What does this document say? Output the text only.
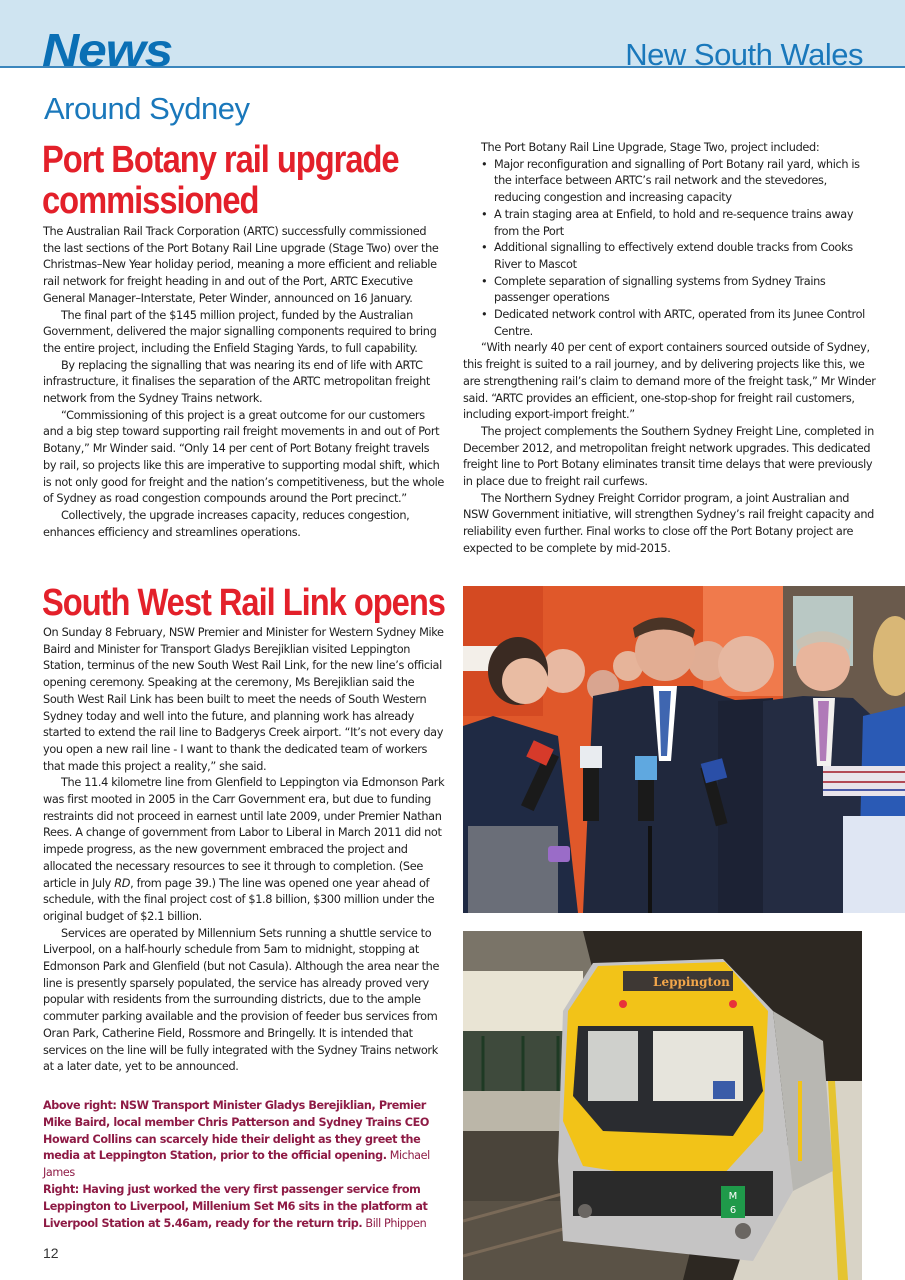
News	New South Wales
Around Sydney
Port Botany rail upgrade
commissioned

The Australian Rail Track Corporation (ARTC) successfully commissioned the last sections of the Port Botany Rail Line upgrade (Stage Two) over the Christmas–New Year holiday period, meaning a more efficient and reliable rail network for freight heading in and out of the Port, ARTC Executive General Manager–Interstate, Peter Winder, announced on 16 January.

The final part of the $145 million project, funded by the Australian Government, delivered the major signalling components required to bring the entire project, including the Enfield Staging Yards, to full capability.

By replacing the signalling that was nearing its end of life with ARTC infrastructure, it finalises the separation of the ARTC metropolitan freight network from the Sydney Trains network.

“Commissioning of this project is a great outcome for our customers and a big step toward supporting rail freight movements in and out of Port Botany,” Mr Winder said. “Only 14 per cent of Port Botany freight travels by rail, so projects like this are imperative to supporting modal shift, which is not only good for freight and the nation’s competitiveness, but the whole of Sydney as road congestion compounds around the Port precinct.”

Collectively, the upgrade increases capacity, reduces congestion, enhances efficiency and streamlines operations.

The Port Botany Rail Line Upgrade, Stage Two, project included:

• Major reconfiguration and signalling of Port Botany rail yard, which is the interface between ARTC’s rail network and the stevedores, reducing congestion and increasing capacity
• A train staging area at Enfield, to hold and re-sequence trains away from the Port
• Additional signalling to effectively extend double tracks from Cooks River to Mascot
• Complete separation of signalling systems from Sydney Trains passenger operations
• Dedicated network control with ARTC, operated from its Junee Control Centre.

“With nearly 40 per cent of export containers sourced outside of Sydney, this freight is suited to a rail journey, and by delivering projects like this, we are strengthening rail’s claim to demand more of the freight task,” Mr Winder said. “ARTC provides an efficient, one-stop-shop for freight rail customers, including export-import freight.”

The project complements the Southern Sydney Freight Line, completed in December 2012, and metropolitan freight network upgrades. This dedicated freight line to Port Botany eliminates transit time delays that were previously in place due to freight rail curfews.

The Northern Sydney Freight Corridor program, a joint Australian and NSW Government initiative, will strengthen Sydney’s rail freight capacity and reliability even further. Final works to close off the Port Botany project are expected to be complete by mid-2015.

South West Rail Link opens

On Sunday 8 February, NSW Premier and Minister for Western Sydney Mike Baird and Minister for Transport Gladys Berejiklian visited Leppington Station, terminus of the new South West Rail Link, for the new line’s official opening ceremony. Speaking at the ceremony, Ms Berejiklian said the South West Rail Link has been built to meet the needs of South Western Sydney today and well into the future, and planning work has already started to extend the rail line to Badgerys Creek airport. “It’s not every day you open a new rail line - I want to thank the dedicated team of workers that made this project a reality,” she said.

The 11.4 kilometre line from Glenfield to Leppington via Edmonson Park was first mooted in 2005 in the Carr Government era, but due to funding restraints did not proceed in earnest until late 2009, under Premier Nathan Rees. A change of government from Labor to Liberal in March 2011 did not impede progress, as the new government embraced the project and allocated the necessary resources to see it through to completion. (See article in July RD, from page 39.) The line was opened one year ahead of schedule, with the final project cost of $1.8 billion, $300 million under the original budget of $2.1 billion.

Services are operated by Millennium Sets running a shuttle service to Liverpool, on a half-hourly schedule from 5am to midnight, stopping at Edmonson Park and Glenfield (but not Casula). Although the area near the line is presently sparsely populated, the service has already proved very popular with residents from the surrounding districts, due to the ample commuter parking available and the provision of feeder bus services from Oran Park, Catherine Field, Rossmore and Bringelly. It is intended that services on the line will be fully integrated with the Sydney Trains network at a later date, yet to be announced.

Above right: NSW Transport Minister Gladys Berejiklian, Premier Mike Baird, local member Chris Patterson and Sydney Trains CEO Howard Collins can scarcely hide their delight as they greet the media at Leppington Station, prior to the official opening. Michael James
Right: Having just worked the very first passenger service from Leppington to Liverpool, Millenium Set M6 sits in the platform at Liverpool Station at 5.46am, ready for the return trip. Bill Phippen
12
Leppington
M
6
